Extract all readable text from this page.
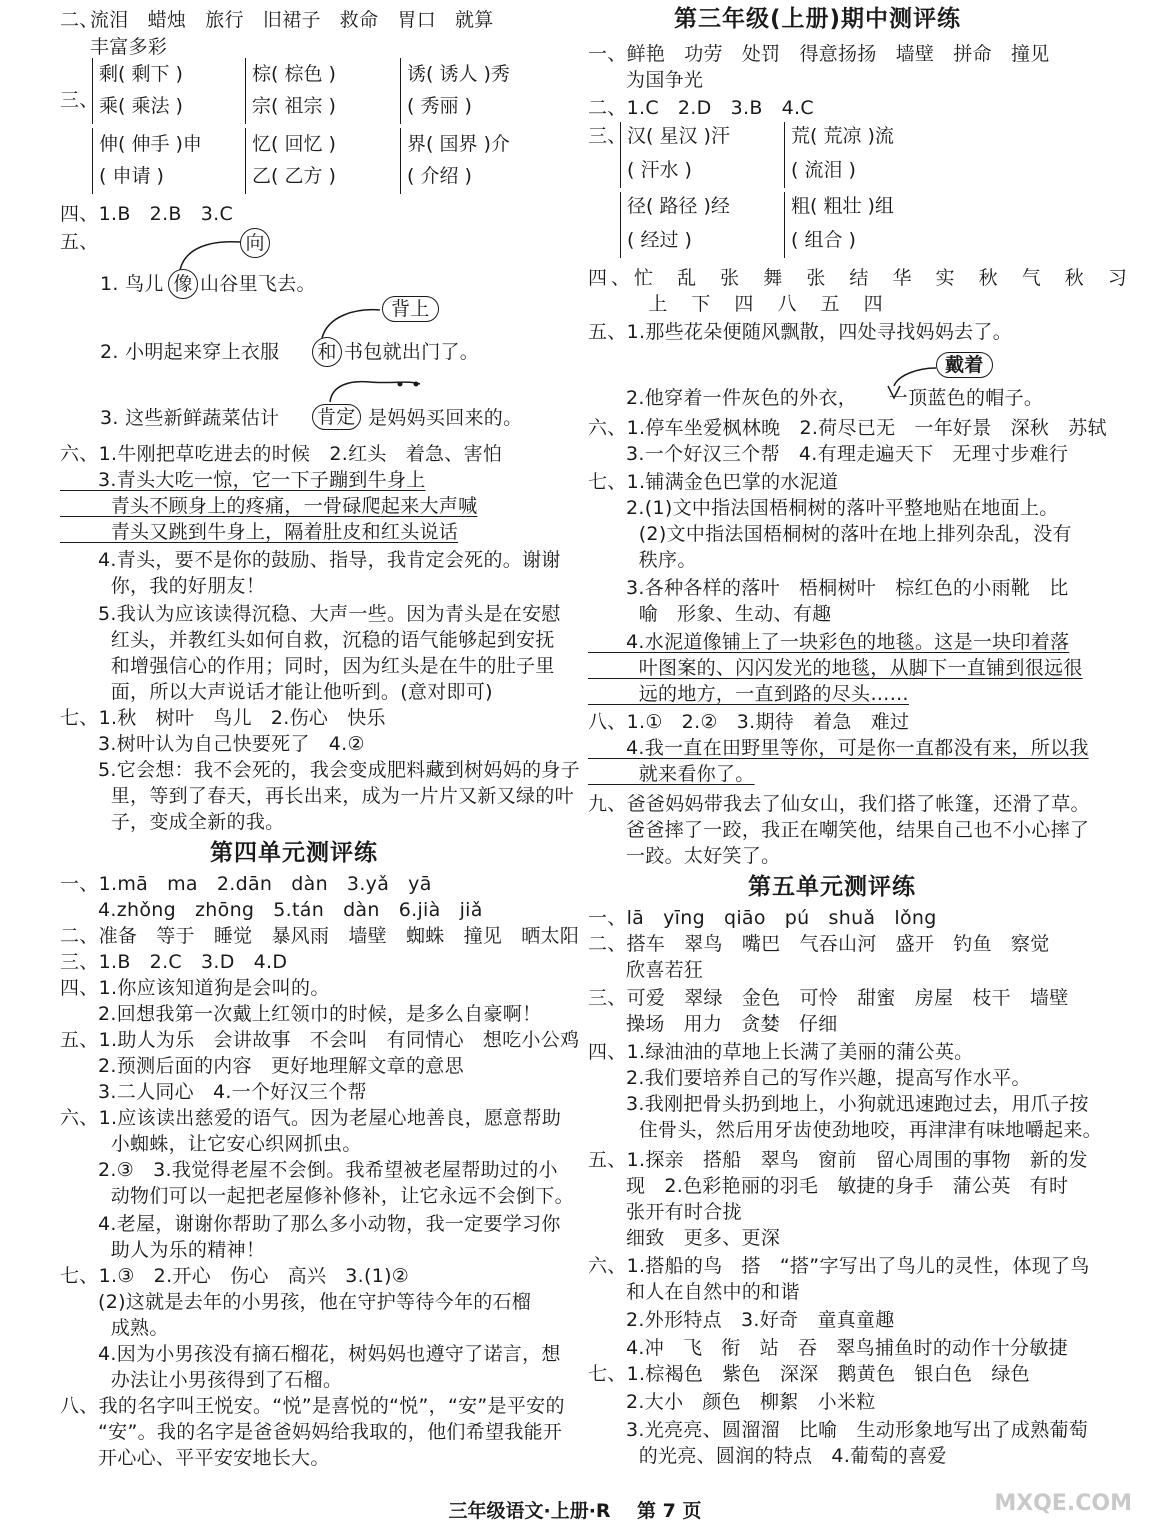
二、
流泪   蜡烛   旅行   旧裙子   救命   胃口   就算
丰富多彩
三、
剩( 剩下 )
乘( 乘法 )
棕( 棕色 )
宗( 祖宗 )
诱( 诱人 )秀
( 秀丽 )
伸( 伸手 )申
( 申请 )
忆( 回忆 )
乙( 乙方 )
界( 国界 )介
( 介绍 )
四、1.B   2.B   3.C
五、
1. 鸟儿 像 山谷里飞去。
向
2. 小明起来穿上衣服 和 书包就出门了。
背上
3. 这些新鲜蔬菜估计 肯定 是妈妈买回来的。
六、1.牛刚把草吃进去的时候   2.红头   着急、害怕
3.青头大吃一惊，它一下子蹦到牛身上
青头不顾身上的疼痛，一骨碌爬起来大声喊
青头又跳到牛身上，隔着肚皮和红头说话
4.青头，要不是你的鼓励、指导，我肯定会死的。谢谢
你，我的好朋友！
5.我认为应该读得沉稳、大声一些。因为青头是在安慰
红头，并教红头如何自救，沉稳的语气能够起到安抚
和增强信心的作用；同时，因为红头是在牛的肚子里
面，所以大声说话才能让他听到。(意对即可)
七、1.秋   树叶   鸟儿   2.伤心   快乐
3.树叶认为自己快要死了   4.②
5.它会想：我不会死的，我会变成肥料藏到树妈妈的身子
里，等到了春天，再长出来，成为一片片又新又绿的叶
子，变成全新的我。
第四单元测评练
一、1.mā   ma   2.dān   dàn   3.yǎ   yā
4.zhǒng   zhōng   5.tán   dàn   6.jià   jiǎ
二、准备   等于   睡觉   暴风雨   墙壁   蜘蛛   撞见   晒太阳
三、1.B   2.C   3.D   4.D
四、1.你应该知道狗是会叫的。
2.回想我第一次戴上红领巾的时候，是多么自豪啊！
五、1.助人为乐   会讲故事   不会叫   有同情心   想吃小公鸡
2.预测后面的内容   更好地理解文章的意思
3.二人同心   4.一个好汉三个帮
六、1.应该读出慈爱的语气。因为老屋心地善良，愿意帮助
小蜘蛛，让它安心织网抓虫。
2.③   3.我觉得老屋不会倒。我希望被老屋帮助过的小
动物们可以一起把老屋修补修补，让它永远不会倒下。
4.老屋，谢谢你帮助了那么多小动物，我一定要学习你
助人为乐的精神！
七、1.③   2.开心   伤心   高兴   3.(1)②
(2)这就是去年的小男孩，他在守护等待今年的石榴
成熟。
4.因为小男孩没有摘石榴花，树妈妈也遵守了诺言，想
办法让小男孩得到了石榴。
八、我的名字叫王悦安。“悦”是喜悦的“悦”，“安”是平安的
“安”。我的名字是爸爸妈妈给我取的，他们希望我能开
开心心、平平安安地长大。
第三年级(上册)期中测评练
一、鲜艳   功劳   处罚   得意扬扬   墙壁   拼命   撞见
为国争光
二、1.C   2.D   3.B   4.C
三、 汉( 星汉 )汗
( 汗水 )
荒( 荒凉 )流
( 流泪 )
径( 路径 )经
( 经过 )
粗( 粗壮 )组
( 组合 )
四、忙  乱  张  舞  张  结  华  实  秋  气  秋  习
上  下  四  八  五  四
五、1.那些花朵便随风飘散，四处寻找妈妈去了。
2.他穿着一件灰色的外衣，     一顶蓝色的帽子。
戴着
六、1.停车坐爱枫林晚   2.荷尽已无   一年好景   深秋   苏轼
3.一个好汉三个帮   4.有理走遍天下   无理寸步难行
七、1.铺满金色巴掌的水泥道
2.(1)文中指法国梧桐树的落叶平整地贴在地面上。
(2)文中指法国梧桐树的落叶在地上排列杂乱，没有
秩序。
3.各种各样的落叶   梧桐树叶   棕红色的小雨靴   比
喻   形象、生动、有趣
4.水泥道像铺上了一块彩色的地毯。这是一块印着落
叶图案的、闪闪发光的地毯，从脚下一直铺到很远很
远的地方，一直到路的尽头……
八、1.①   2.②   3.期待   着急   难过
4.我一直在田野里等你，可是你一直都没有来，所以我
就来看你了。
九、爸爸妈妈带我去了仙女山，我们搭了帐篷，还滑了草。
爸爸摔了一跤，我正在嘲笑他，结果自己也不小心摔了
一跤。太好笑了。
第五单元测评练
一、lā   yīng   qiāo   pú   shuǎ   lǒng
二、搭车   翠鸟   嘴巴   气吞山河   盛开   钓鱼   察觉
欣喜若狂
三、可爱   翠绿   金色   可怜   甜蜜   房屋   枝干   墙壁
操场   用力   贪婪   仔细
四、1.绿油油的草地上长满了美丽的蒲公英。
2.我们要培养自己的写作兴趣，提高写作水平。
3.我刚把骨头扔到地上，小狗就迅速跑过去，用爪子按
住骨头，然后用牙齿使劲地咬，再津津有味地嚼起来。
五、1.探亲   搭船   翠鸟   窗前   留心周围的事物   新的发
现   2.色彩艳丽的羽毛   敏捷的身手   蒲公英   有时
张开有时合拢
细致   更多、更深
六、1.搭船的鸟   搭   “搭”字写出了鸟儿的灵性，体现了鸟
和人在自然中的和谐
2.外形特点   3.好奇   童真童趣
4.冲   飞   衔   站   吞   翠鸟捕鱼时的动作十分敏捷
七、1.棕褐色   紫色   深深   鹅黄色   银白色   绿色
2.大小   颜色   柳絮   小米粒
3.光亮亮、圆溜溜   比喻   生动形象地写出了成熟葡萄
的光亮、圆润的特点   4.葡萄的喜爱
三年级语文·上册·R    第 7 页	MXQE.COM
